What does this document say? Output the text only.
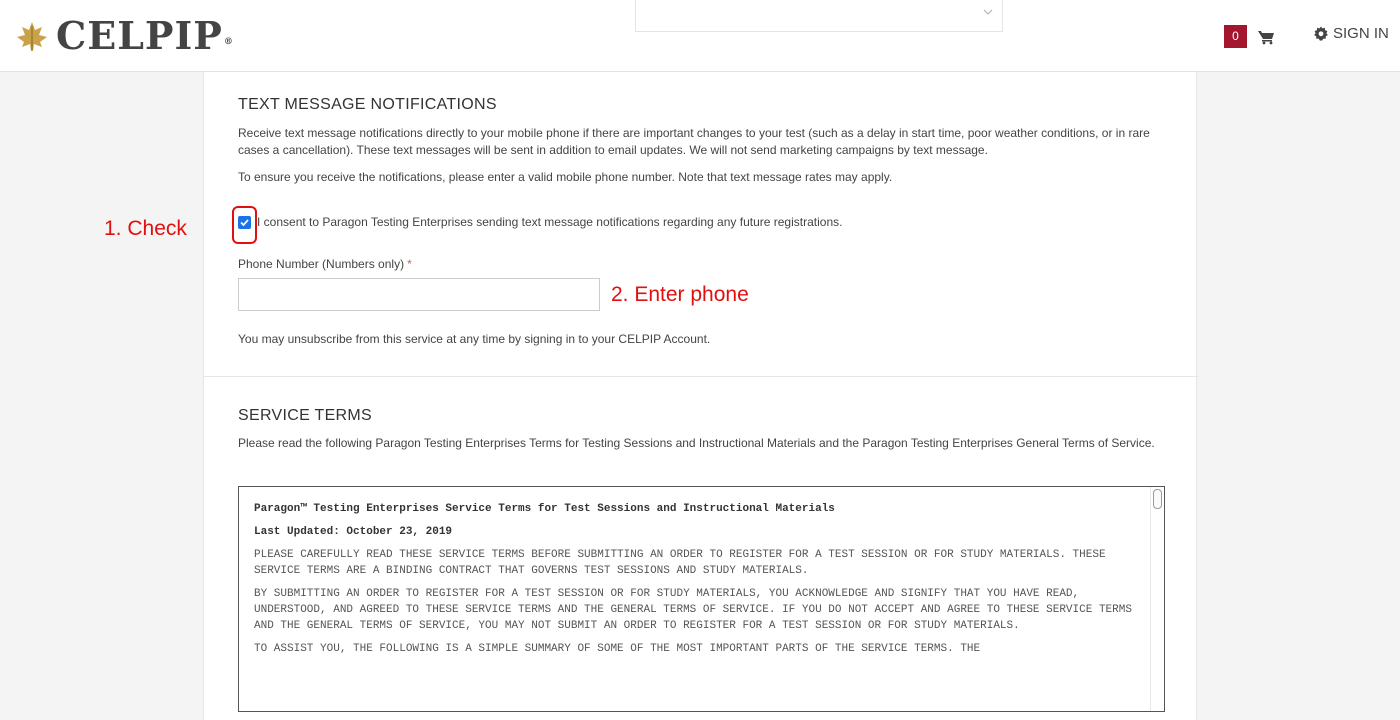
CELPIP®	0	SIGN IN
TEXT MESSAGE NOTIFICATIONS

Receive text message notifications directly to your mobile phone if there are important changes to your test (such as a delay in start time, poor weather conditions, or in rare cases a cancellation). These text messages will be sent in addition to email updates. We will not send marketing campaigns by text message.

To ensure you receive the notifications, please enter a valid mobile phone number. Note that text message rates may apply.

I consent to Paragon Testing Enterprises sending text message notifications regarding any future registrations.
Phone Number (Numbers only) *

You may unsubscribe from this service at any time by signing in to your CELPIP Account.

SERVICE TERMS

Please read the following Paragon Testing Enterprises Terms for Testing Sessions and Instructional Materials and the Paragon Testing Enterprises General Terms of Service.

Paragon™ Testing Enterprises Service Terms for Test Sessions and Instructional Materials

Last Updated: October 23, 2019

PLEASE CAREFULLY READ THESE SERVICE TERMS BEFORE SUBMITTING AN ORDER TO REGISTER FOR A TEST SESSION OR FOR STUDY MATERIALS. THESE SERVICE TERMS ARE A BINDING CONTRACT THAT GOVERNS TEST SESSIONS AND STUDY MATERIALS.

BY SUBMITTING AN ORDER TO REGISTER FOR A TEST SESSION OR FOR STUDY MATERIALS, YOU ACKNOWLEDGE AND SIGNIFY THAT YOU HAVE READ, UNDERSTOOD, AND AGREED TO THESE SERVICE TERMS AND THE GENERAL TERMS OF SERVICE. IF YOU DO NOT ACCEPT AND AGREE TO THESE SERVICE TERMS AND THE GENERAL TERMS OF SERVICE, YOU MAY NOT SUBMIT AN ORDER TO REGISTER FOR A TEST SESSION OR FOR STUDY MATERIALS.

TO ASSIST YOU, THE FOLLOWING IS A SIMPLE SUMMARY OF SOME OF THE MOST IMPORTANT PARTS OF THE SERVICE TERMS. THE

1. Check
2. Enter phone
